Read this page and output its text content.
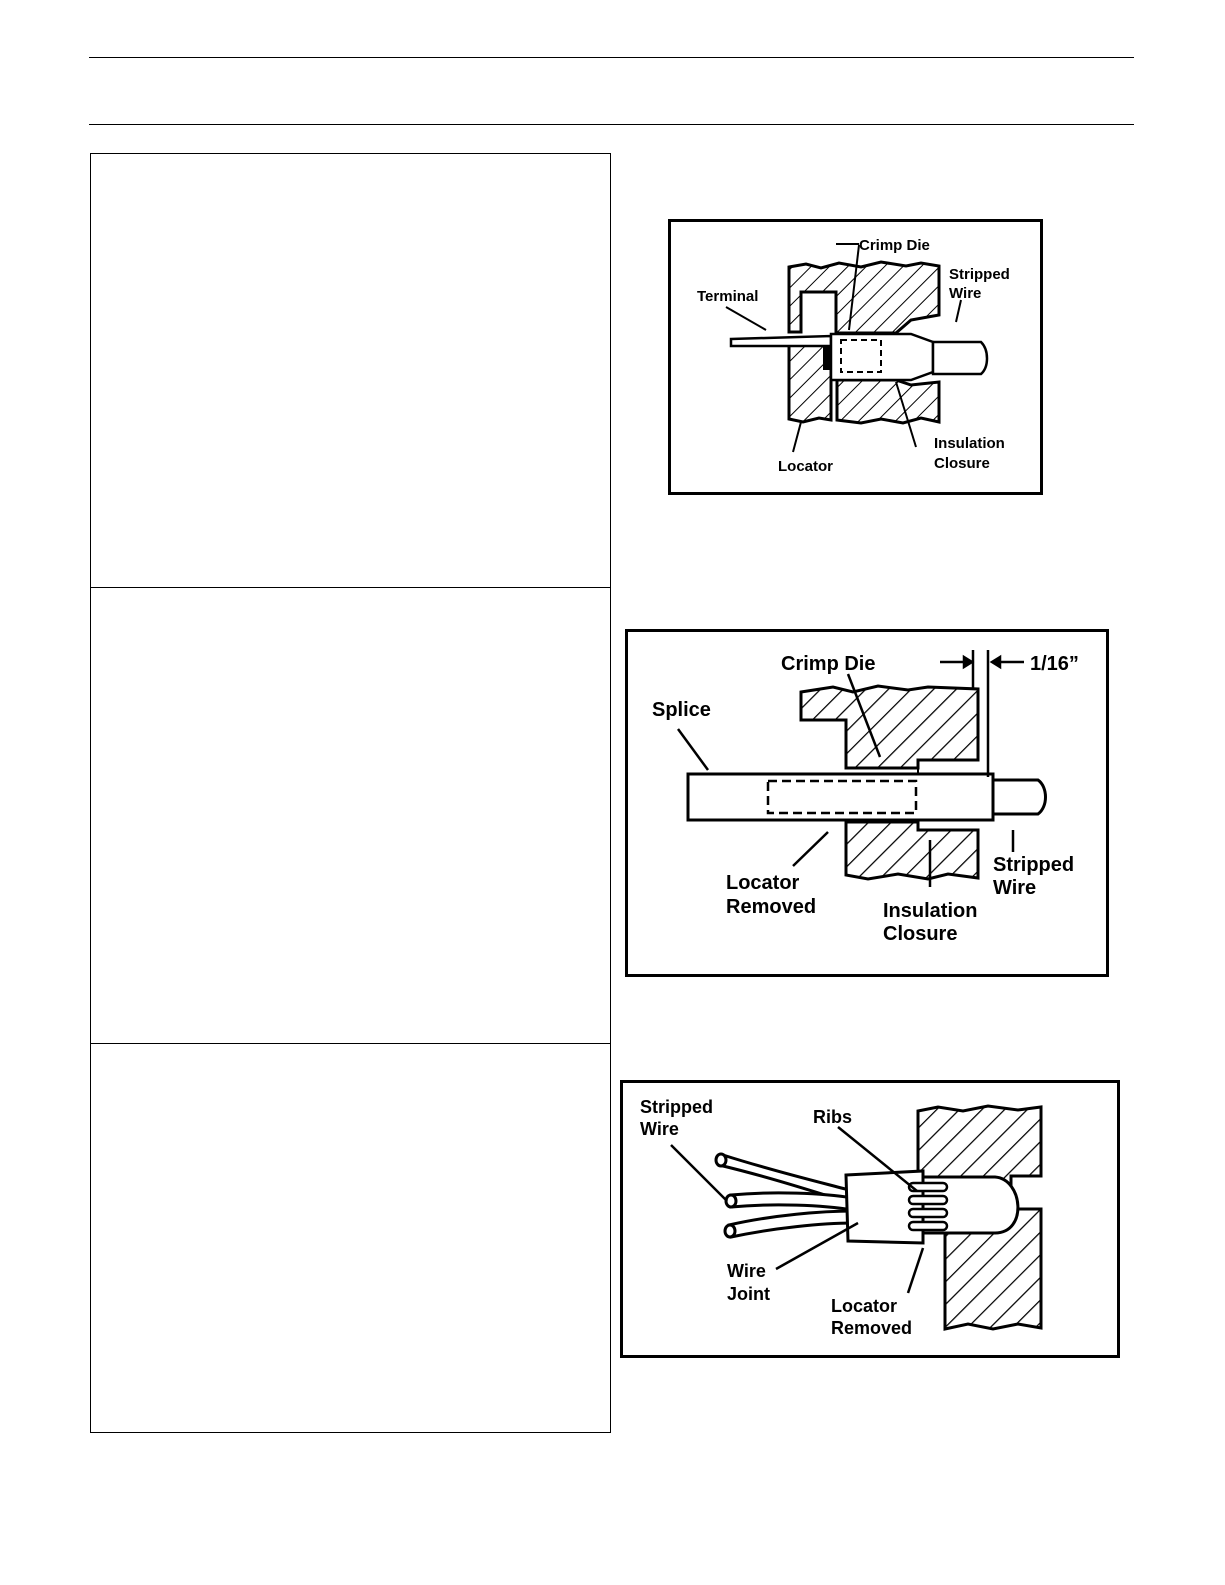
Crimp Die
Stripped
Wire
Terminal
Insulation
Closure
Locator
Crimp Die	1/16”
Splice
Stripped
Wire
Locator
Removed	Insulation
Closure
Stripped
Wire
Ribs
Wire
Joint
Locator
Removed
